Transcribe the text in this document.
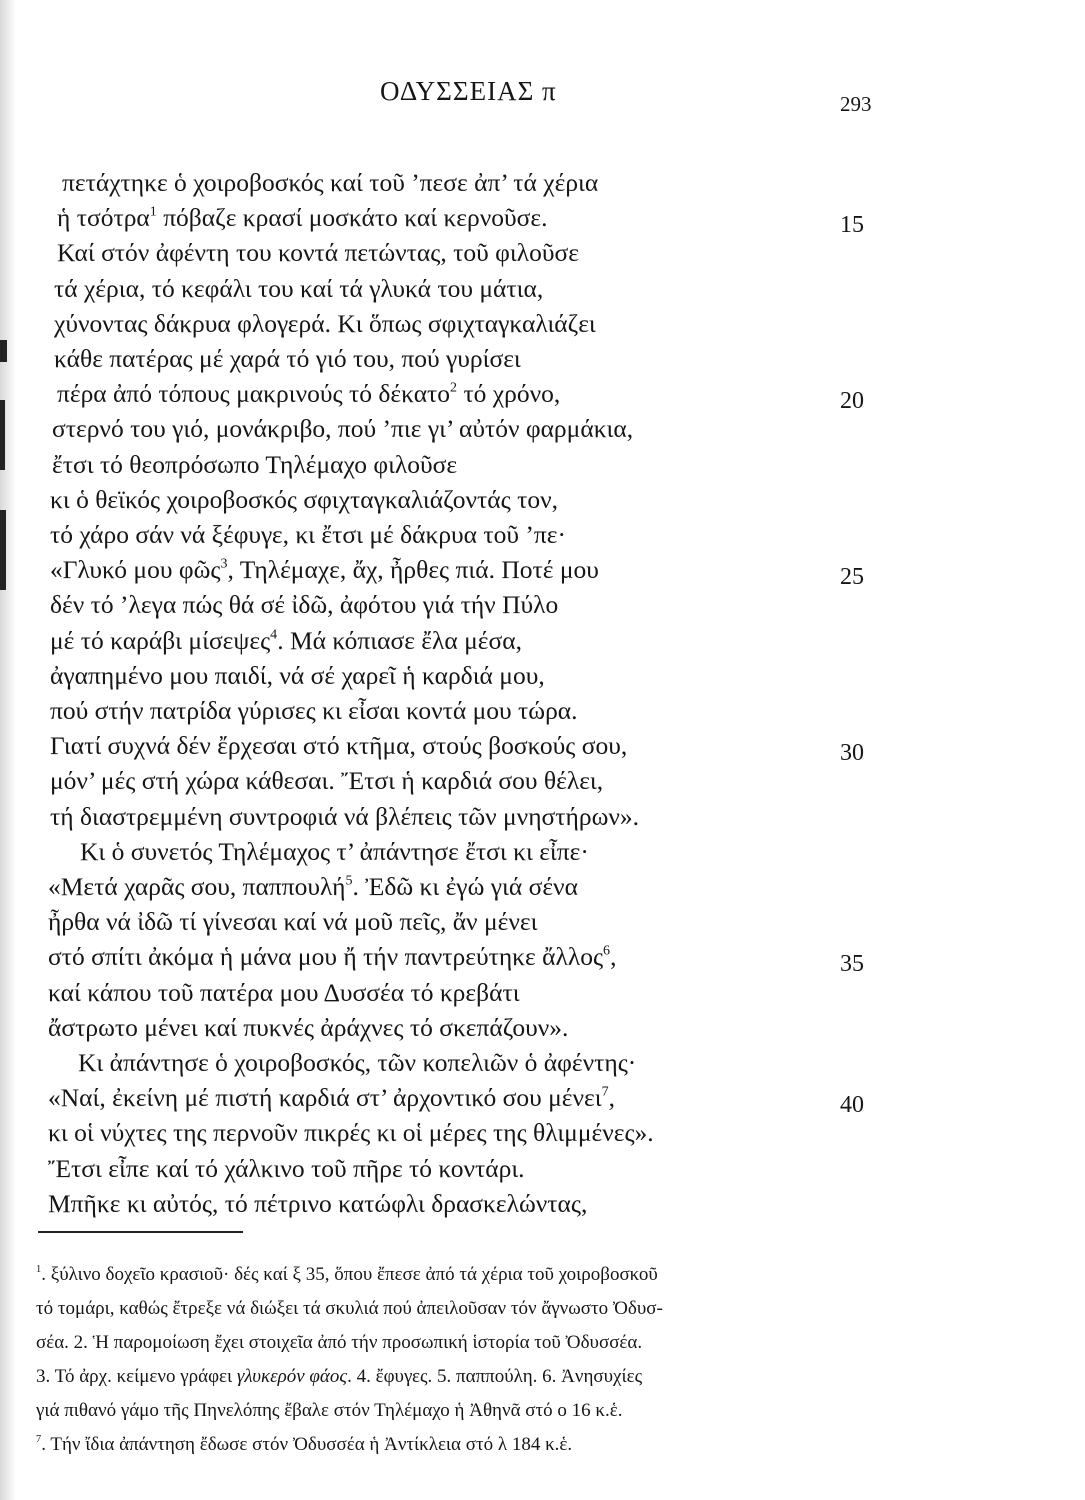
ΟΔΥΣΣΕΙΑΣ π	293
πετάχτηκε ὁ χοιροβοσκός καί τοῦ ’πεσε ἀπ’ τά χέρια
ἡ τσότρα$^1$ πόβαζε κρασί μοσκάτο καί κερνοῦσε.	15
Καί στόν ἀφέντη του κοντά πετώντας, τοῦ φιλοῦσε
τά χέρια, τό κεφάλι του καί τά γλυκά του μάτια,
χύνοντας δάκρυα φλογερά. Κι ὅπως σφιχταγκαλιάζει
κάθε πατέρας μέ χαρά τό γιό του, πού γυρίσει
πέρα ἀπό τόπους μακρινούς τό δέκατο$^2$ τό χρόνο,	20
στερνό του γιό, μονάκριβο, πού ’πιε γι’ αὐτόν φαρμάκια,
ἔτσι τό θεοπρόσωπο Τηλέμαχο φιλοῦσε
κι ὁ θεϊκός χοιροβοσκός σφιχταγκαλιάζοντάς τον,
τό χάρο σάν νά ξέφυγε, κι ἔτσι μέ δάκρυα τοῦ ’πε·
«Γλυκό μου φῶς$^3$, Τηλέμαχε, ἄχ, ἦρθες πιά. Ποτέ μου	25
δέν τό ’λεγα πώς θά σέ ἰδῶ, ἀφότου γιά τήν Πύλο
μέ τό καράβι μίσεψες$^4$. Μά κόπιασε ἔλα μέσα,
ἀγαπημένο μου παιδί, νά σέ χαρεῖ ἡ καρδιά μου,
πού στήν πατρίδα γύρισες κι εἶσαι κοντά μου τώρα.
Γιατί συχνά δέν ἔρχεσαι στό κτῆμα, στούς βοσκούς σου,	30
μόν’ μές στή χώρα κάθεσαι. Ἔτσι ἡ καρδιά σου θέλει,
τή διαστρεμμένη συντροφιά νά βλέπεις τῶν μνηστήρων».
Κι ὁ συνετός Τηλέμαχος τ’ ἀπάντησε ἔτσι κι εἶπε·
«Μετά χαρᾶς σου, παππουλή$^5$. Ἐδῶ κι ἐγώ γιά σένα
ἦρθα νά ἰδῶ τί γίνεσαι καί νά μοῦ πεῖς, ἄν μένει
στό σπίτι ἀκόμα ἡ μάνα μου ἤ τήν παντρεύτηκε ἄλλος$^6$,	35
καί κάπου τοῦ πατέρα μου Δυσσέα τό κρεβάτι
ἄστρωτο μένει καί πυκνές ἀράχνες τό σκεπάζουν».
Κι ἀπάντησε ὁ χοιροβοσκός, τῶν κοπελιῶν ὁ ἀφέντης·
«Ναί, ἐκείνη μέ πιστή καρδιά στ’ ἀρχοντικό σου μένει$^7$,	40
κι οἱ νύχτες της περνοῦν πικρές κι οἱ μέρες της θλιμμένες».
Ἔτσι εἶπε καί τό χάλκινο τοῦ πῆρε τό κοντάρι.
Μπῆκε κι αὐτός, τό πέτρινο κατώφλι δρασκελώντας,
$^1$. ξύλινο δοχεῖο κρασιοῦ· δές καί ξ 35, ὅπου ἔπεσε ἀπό τά χέρια τοῦ χοιροβοσκοῦ
τό τομάρι, καθώς ἔτρεξε νά διώξει τά σκυλιά πού ἀπειλοῦσαν τόν ἄγνωστο Ὀδυσ-
σέα. 2. Ἡ παρομοίωση ἔχει στοιχεῖα ἀπό τήν προσωπική ἱστορία τοῦ Ὀδυσσέα.
3. Τό ἀρχ. κείμενο γράφει γλυκερόν φάος. 4. ἔφυγες. 5. παππούλη. 6. Ἀνησυχίες
γιά πιθανό γάμο τῆς Πηνελόπης ἔβαλε στόν Τηλέμαχο ἡ Ἀθηνᾶ στό ο 16 κ.ἑ.
$^7$. Τήν ἴδια ἀπάντηση ἔδωσε στόν Ὀδυσσέα ἡ Ἀντίκλεια στό λ 184 κ.ἑ.
